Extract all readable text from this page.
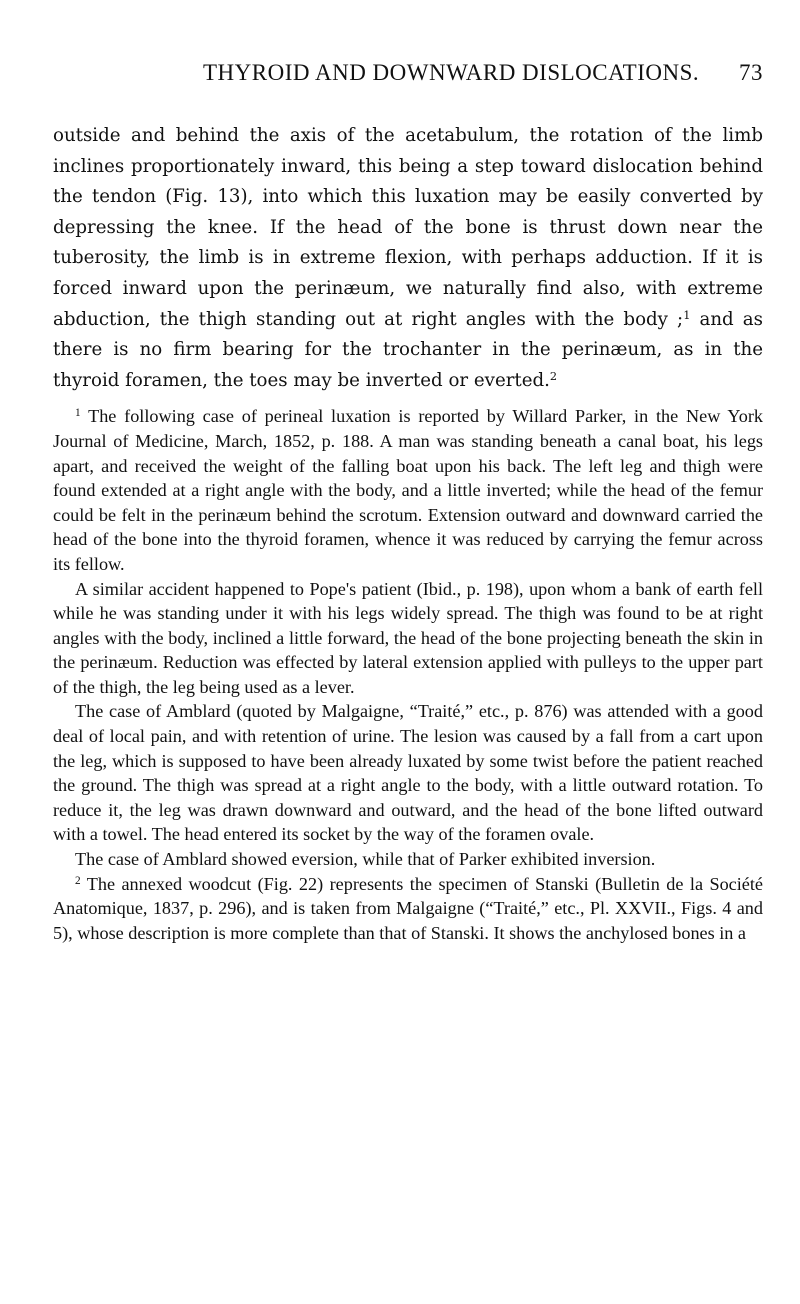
THYROID AND DOWNWARD DISLOCATIONS. 73

outside and behind the axis of the acetabulum, the rotation of the limb inclines proportionately inward, this being a step toward dislocation behind the tendon (Fig. 13), into which this luxation may be easily converted by depressing the knee. If the head of the bone is thrust down near the tuberosity, the limb is in extreme flexion, with perhaps adduction. If it is forced inward upon the perinæum, we naturally find also, with extreme abduction, the thigh standing out at right angles with the body ;$^1$ and as there is no firm bearing for the trochanter in the perinæum, as in the thyroid foramen, the toes may be inverted or everted.$^2$

$^1$ The following case of perineal luxation is reported by Willard Parker, in the New York Journal of Medicine, March, 1852, p. 188. A man was standing beneath a canal boat, his legs apart, and received the weight of the falling boat upon his back. The left leg and thigh were found extended at a right angle with the body, and a little inverted; while the head of the femur could be felt in the perinæum behind the scrotum. Extension outward and downward carried the head of the bone into the thyroid foramen, whence it was reduced by carrying the femur across its fellow.

A similar accident happened to Pope's patient (Ibid., p. 198), upon whom a bank of earth fell while he was standing under it with his legs widely spread. The thigh was found to be at right angles with the body, inclined a little forward, the head of the bone projecting beneath the skin in the perinæum. Reduction was effected by lateral extension applied with pulleys to the upper part of the thigh, the leg being used as a lever.

The case of Amblard (quoted by Malgaigne, “Traité,” etc., p. 876) was attended with a good deal of local pain, and with retention of urine. The lesion was caused by a fall from a cart upon the leg, which is supposed to have been already luxated by some twist before the patient reached the ground. The thigh was spread at a right angle to the body, with a little outward rotation. To reduce it, the leg was drawn downward and outward, and the head of the bone lifted outward with a towel. The head entered its socket by the way of the foramen ovale.

The case of Amblard showed eversion, while that of Parker exhibited inversion.

$^2$ The annexed woodcut (Fig. 22) represents the specimen of Stanski (Bulletin de la Société Anatomique, 1837, p. 296), and is taken from Malgaigne (“Traité,” etc., Pl. XXVII., Figs. 4 and 5), whose description is more complete than that of Stanski. It shows the anchylosed bones in a
